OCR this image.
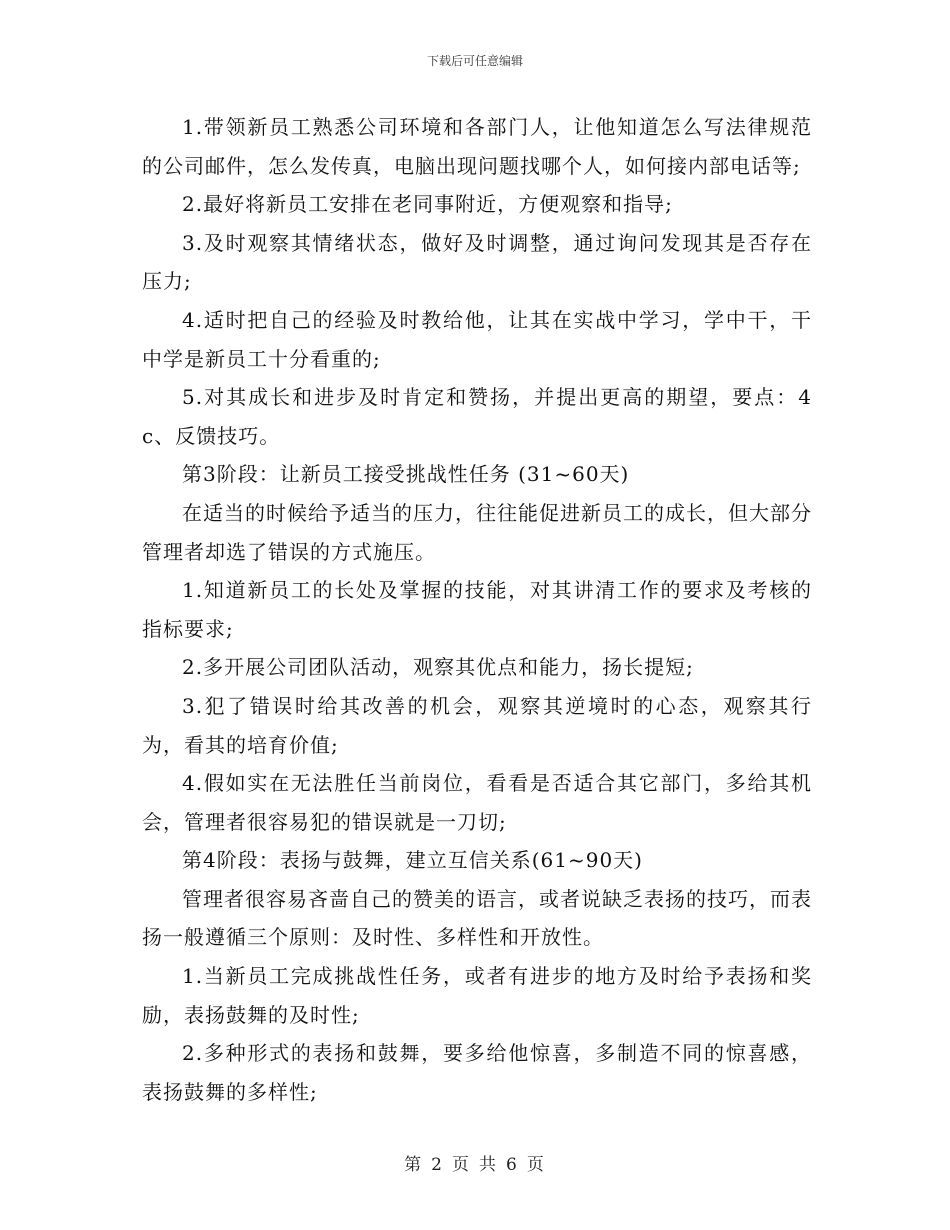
下载后可任意编辑

1.带领新员工熟悉公司环境和各部门人，让他知道怎么写法律规范的公司邮件，怎么发传真，电脑出现问题找哪个人，如何接内部电话等;

2.最好将新员工安排在老同事附近，方便观察和指导;

3.及时观察其情绪状态，做好及时调整，通过询问发现其是否存在压力;

4.适时把自己的经验及时教给他，让其在实战中学习，学中干，干中学是新员工十分看重的;

5.对其成长和进步及时肯定和赞扬，并提出更高的期望，要点：4c、反馈技巧。

第3阶段：让新员工接受挑战性任务 (31~60天)

在适当的时候给予适当的压力，往往能促进新员工的成长，但大部分管理者却选了错误的方式施压。

1.知道新员工的长处及掌握的技能，对其讲清工作的要求及考核的指标要求;

2.多开展公司团队活动，观察其优点和能力，扬长提短;

3.犯了错误时给其改善的机会，观察其逆境时的心态，观察其行为，看其的培育价值;

4.假如实在无法胜任当前岗位，看看是否适合其它部门，多给其机会，管理者很容易犯的错误就是一刀切;

第4阶段：表扬与鼓舞，建立互信关系(61~90天)

管理者很容易吝啬自己的赞美的语言，或者说缺乏表扬的技巧，而表扬一般遵循三个原则：及时性、多样性和开放性。

1.当新员工完成挑战性任务，或者有进步的地方及时给予表扬和奖励，表扬鼓舞的及时性;

2.多种形式的表扬和鼓舞，要多给他惊喜，多制造不同的惊喜感，表扬鼓舞的多样性;

第 2 页 共 6 页
